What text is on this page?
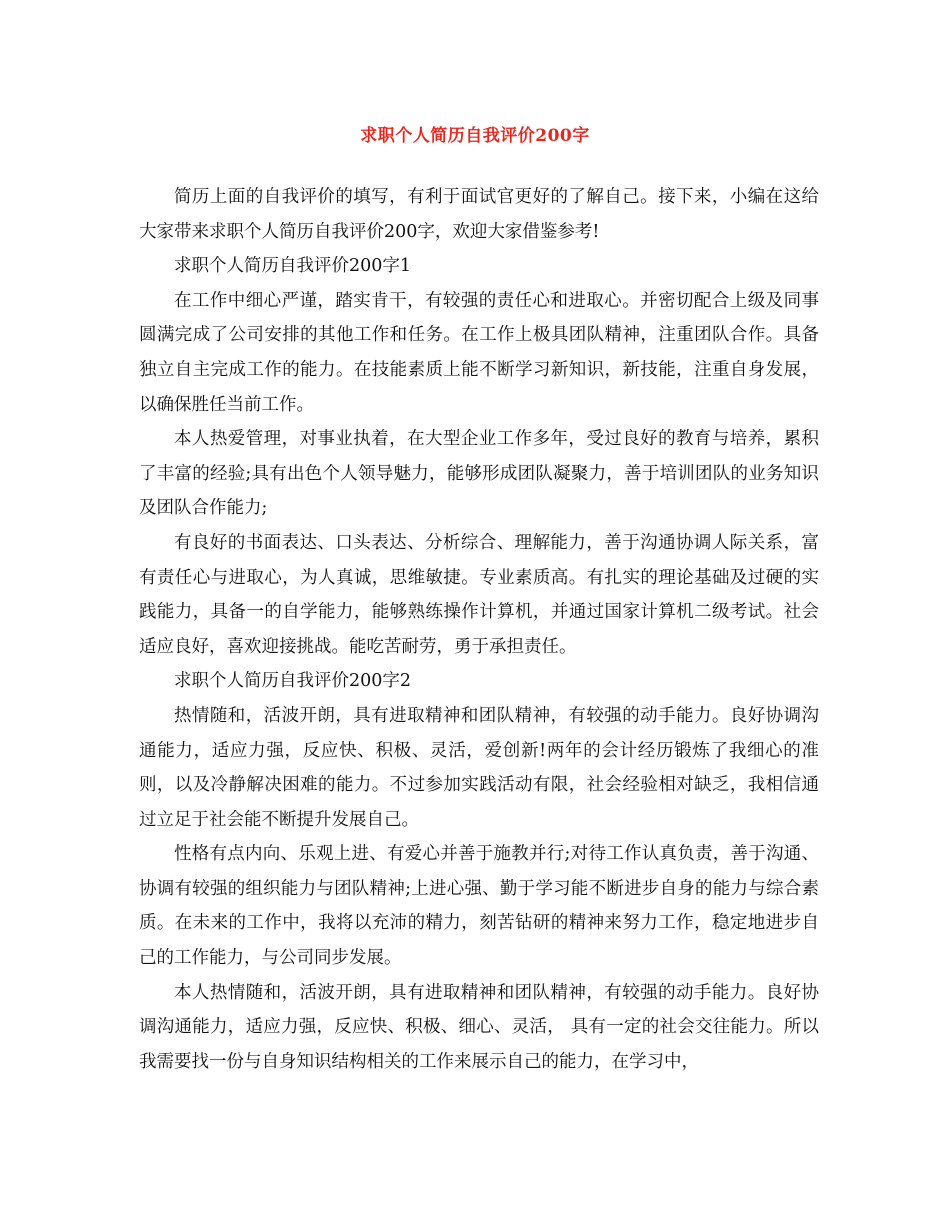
求职个人简历自我评价200字

简历上面的自我评价的填写，有利于面试官更好的了解自己。接下来，小编在这给大家带来求职个人简历自我评价200字，欢迎大家借鉴参考!

求职个人简历自我评价200字1

在工作中细心严谨，踏实肯干，有较强的责任心和进取心。并密切配合上级及同事圆满完成了公司安排的其他工作和任务。在工作上极具团队精神，注重团队合作。具备独立自主完成工作的能力。在技能素质上能不断学习新知识，新技能，注重自身发展，以确保胜任当前工作。

本人热爱管理，对事业执着，在大型企业工作多年，受过良好的教育与培养，累积了丰富的经验;具有出色个人领导魅力，能够形成团队凝聚力，善于培训团队的业务知识及团队合作能力;

有良好的书面表达、口头表达、分析综合、理解能力，善于沟通协调人际关系，富有责任心与进取心，为人真诚，思维敏捷。专业素质高。有扎实的理论基础及过硬的实践能力，具备一的自学能力，能够熟练操作计算机，并通过国家计算机二级考试。社会适应良好，喜欢迎接挑战。能吃苦耐劳，勇于承担责任。

求职个人简历自我评价200字2

热情随和，活波开朗，具有进取精神和团队精神，有较强的动手能力。良好协调沟通能力，适应力强，反应快、积极、灵活，爱创新!两年的会计经历锻炼了我细心的准则，以及冷静解决困难的能力。不过参加实践活动有限，社会经验相对缺乏，我相信通过立足于社会能不断提升发展自己。

性格有点内向、乐观上进、有爱心并善于施教并行;对待工作认真负责，善于沟通、协调有较强的组织能力与团队精神;上进心强、勤于学习能不断进步自身的能力与综合素质。在未来的工作中，我将以充沛的精力，刻苦钻研的精神来努力工作，稳定地进步自己的工作能力，与公司同步发展。

本人热情随和，活波开朗，具有进取精神和团队精神，有较强的动手能力。良好协调沟通能力，适应力强，反应快、积极、细心、灵活， 具有一定的社会交往能力。所以我需要找一份与自身知识结构相关的工作来展示自己的能力，在学习中，
